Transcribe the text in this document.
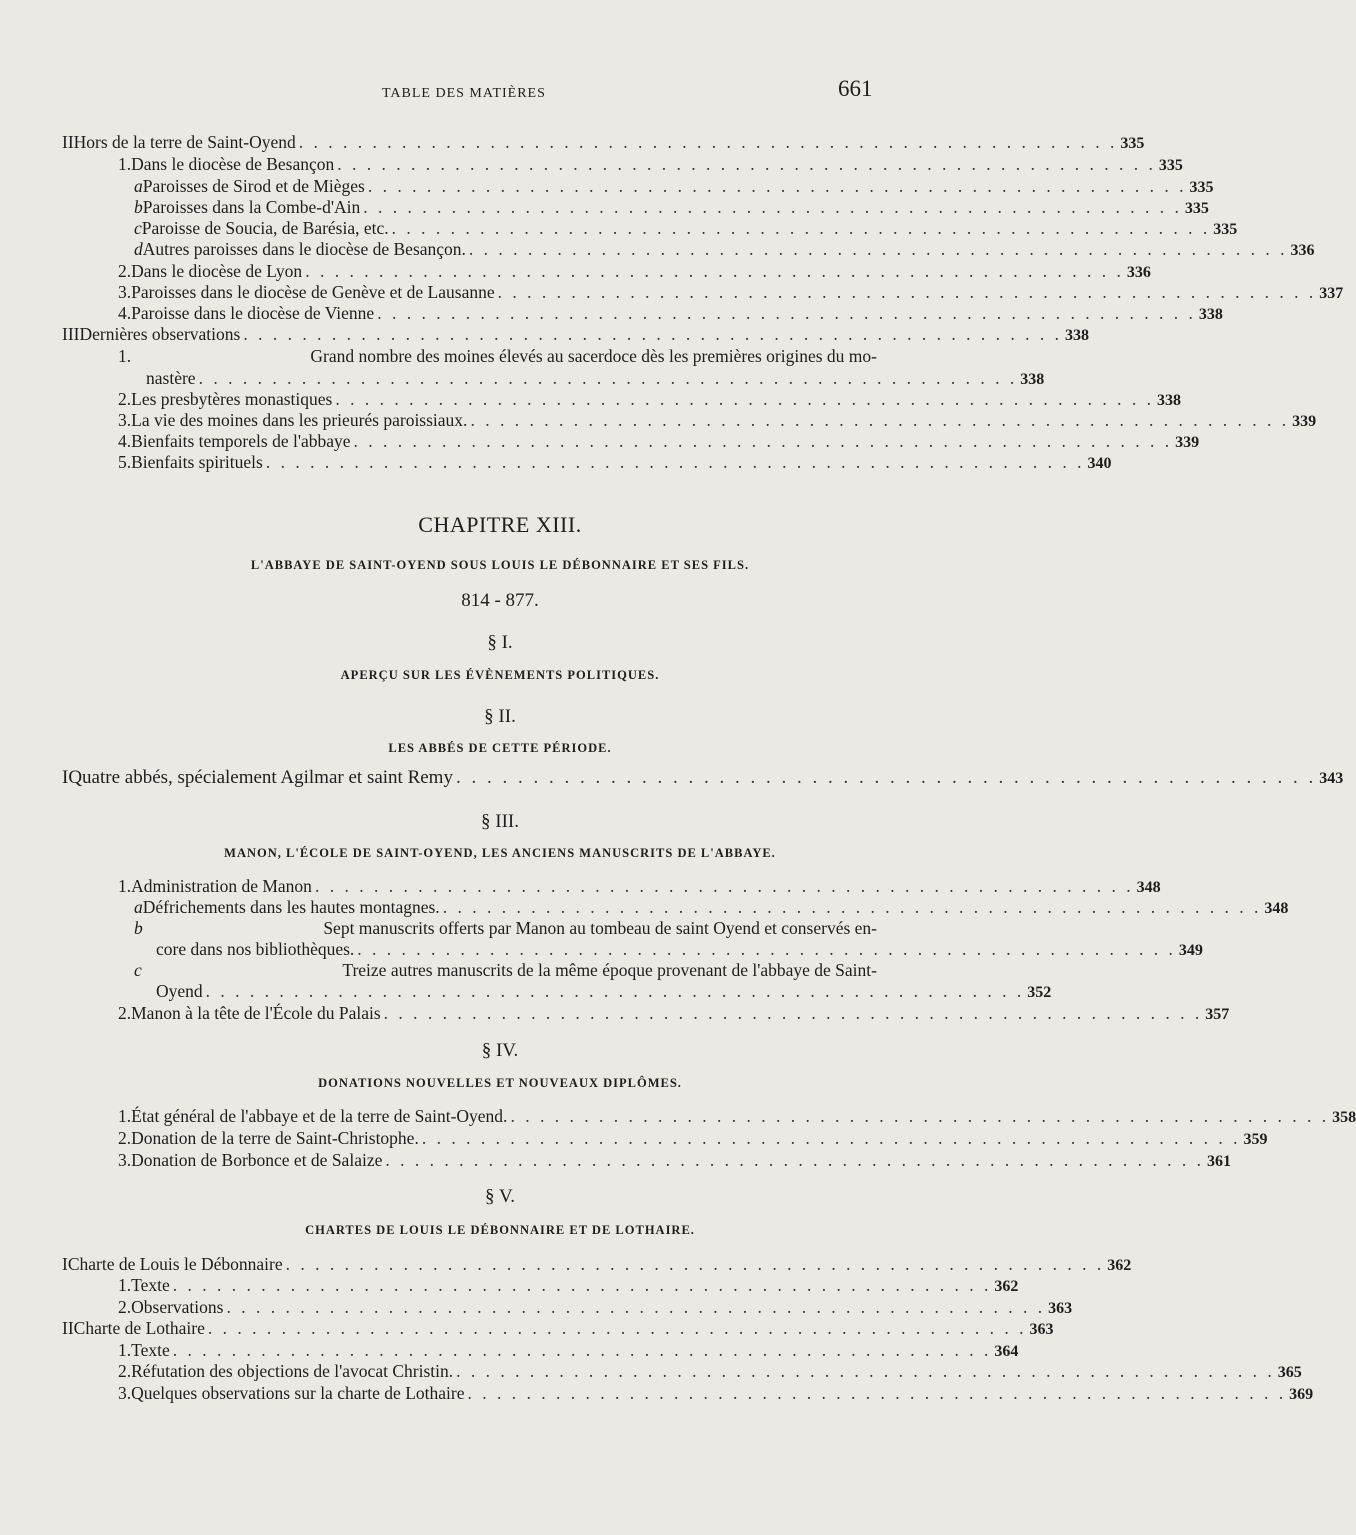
TABLE DES MATIÈRES	661
II Hors de la terre de Saint-Oyend . . . . . . . . . . . . . . . . . . . . . . . . . . . . . . . . . . . . . . . . . . . . . . . . . . . . . . . . 335
1. Dans le diocèse de Besançon . . . . . . . . . . . . . . . . . . . . . . . . . . . . . . . . . . . . . . . . . . . . . . . . . . . . . . . . 335
a Paroisses de Sirod et de Mièges . . . . . . . . . . . . . . . . . . . . . . . . . . . . . . . . . . . . . . . . . . . . . . . . . . . . . . . . 335
b Paroisses dans la Combe-d'Ain . . . . . . . . . . . . . . . . . . . . . . . . . . . . . . . . . . . . . . . . . . . . . . . . . . . . . . . . 335
c Paroisse de Soucia, de Barésia, etc. . . . . . . . . . . . . . . . . . . . . . . . . . . . . . . . . . . . . . . . . . . . . . . . . . . . . . . . . 335
d Autres paroisses dans le diocèse de Besançon. . . . . . . . . . . . . . . . . . . . . . . . . . . . . . . . . . . . . . . . . . . . . . . . . . . . . . . . . 336
2. Dans le diocèse de Lyon . . . . . . . . . . . . . . . . . . . . . . . . . . . . . . . . . . . . . . . . . . . . . . . . . . . . . . . . 336
3. Paroisses dans le diocèse de Genève et de Lausanne . . . . . . . . . . . . . . . . . . . . . . . . . . . . . . . . . . . . . . . . . . . . . . . . . . . . . . . . 337
4. Paroisse dans le diocèse de Vienne . . . . . . . . . . . . . . . . . . . . . . . . . . . . . . . . . . . . . . . . . . . . . . . . . . . . . . . . 338
III Dernières observations . . . . . . . . . . . . . . . . . . . . . . . . . . . . . . . . . . . . . . . . . . . . . . . . . . . . . . . . 338
1.	Grand nombre des moines élevés au sacerdoce dès les premières origines du mo-
nastère . . . . . . . . . . . . . . . . . . . . . . . . . . . . . . . . . . . . . . . . . . . . . . . . . . . . . . . . 338
2. Les presbytères monastiques . . . . . . . . . . . . . . . . . . . . . . . . . . . . . . . . . . . . . . . . . . . . . . . . . . . . . . . . 338
3. La vie des moines dans les prieurés paroissiaux. . . . . . . . . . . . . . . . . . . . . . . . . . . . . . . . . . . . . . . . . . . . . . . . . . . . . . . . . 339
4. Bienfaits temporels de l'abbaye . . . . . . . . . . . . . . . . . . . . . . . . . . . . . . . . . . . . . . . . . . . . . . . . . . . . . . . . 339
5. Bienfaits spirituels . . . . . . . . . . . . . . . . . . . . . . . . . . . . . . . . . . . . . . . . . . . . . . . . . . . . . . . . 340
I Quatre abbés, spécialement Agilmar et saint Remy . . . . . . . . . . . . . . . . . . . . . . . . . . . . . . . . . . . . . . . . . . . . . . . . . . . . . . . . 343
1. Administration de Manon . . . . . . . . . . . . . . . . . . . . . . . . . . . . . . . . . . . . . . . . . . . . . . . . . . . . . . . . 348
a Défrichements dans les hautes montagnes. . . . . . . . . . . . . . . . . . . . . . . . . . . . . . . . . . . . . . . . . . . . . . . . . . . . . . . . . 348
b	Sept manuscrits offerts par Manon au tombeau de saint Oyend et conservés en-
core dans nos bibliothèques. . . . . . . . . . . . . . . . . . . . . . . . . . . . . . . . . . . . . . . . . . . . . . . . . . . . . . . . . 349
c	Treize autres manuscrits de la même époque provenant de l'abbaye de Saint-
Oyend . . . . . . . . . . . . . . . . . . . . . . . . . . . . . . . . . . . . . . . . . . . . . . . . . . . . . . . . 352
2. Manon à la tête de l'École du Palais . . . . . . . . . . . . . . . . . . . . . . . . . . . . . . . . . . . . . . . . . . . . . . . . . . . . . . . . 357
1. État général de l'abbaye et de la terre de Saint-Oyend. . . . . . . . . . . . . . . . . . . . . . . . . . . . . . . . . . . . . . . . . . . . . . . . . . . . . . . . . 358
2. Donation de la terre de Saint-Christophe. . . . . . . . . . . . . . . . . . . . . . . . . . . . . . . . . . . . . . . . . . . . . . . . . . . . . . . . . 359
3. Donation de Borbonce et de Salaize . . . . . . . . . . . . . . . . . . . . . . . . . . . . . . . . . . . . . . . . . . . . . . . . . . . . . . . . 361
I Charte de Louis le Débonnaire . . . . . . . . . . . . . . . . . . . . . . . . . . . . . . . . . . . . . . . . . . . . . . . . . . . . . . . . 362
1. Texte . . . . . . . . . . . . . . . . . . . . . . . . . . . . . . . . . . . . . . . . . . . . . . . . . . . . . . . . 362
2. Observations . . . . . . . . . . . . . . . . . . . . . . . . . . . . . . . . . . . . . . . . . . . . . . . . . . . . . . . . 363
II Charte de Lothaire . . . . . . . . . . . . . . . . . . . . . . . . . . . . . . . . . . . . . . . . . . . . . . . . . . . . . . . . 363
1. Texte . . . . . . . . . . . . . . . . . . . . . . . . . . . . . . . . . . . . . . . . . . . . . . . . . . . . . . . . 364
2. Réfutation des objections de l'avocat Christin. . . . . . . . . . . . . . . . . . . . . . . . . . . . . . . . . . . . . . . . . . . . . . . . . . . . . . . . . 365
3. Quelques observations sur la charte de Lothaire . . . . . . . . . . . . . . . . . . . . . . . . . . . . . . . . . . . . . . . . . . . . . . . . . . . . . . . . 369
CHAPITRE XIII.
L'ABBAYE DE SAINT-OYEND SOUS LOUIS LE DÉBONNAIRE ET SES FILS.
814 - 877.
§ I.
APERÇU SUR LES ÉVÈNEMENTS POLITIQUES.
§ II.
LES ABBÉS DE CETTE PÉRIODE.
§ III.
MANON, L'ÉCOLE DE SAINT-OYEND, LES ANCIENS MANUSCRITS DE L'ABBAYE.
§ IV.
DONATIONS NOUVELLES ET NOUVEAUX DIPLÔMES.
§ V.
CHARTES DE LOUIS LE DÉBONNAIRE ET DE LOTHAIRE.
